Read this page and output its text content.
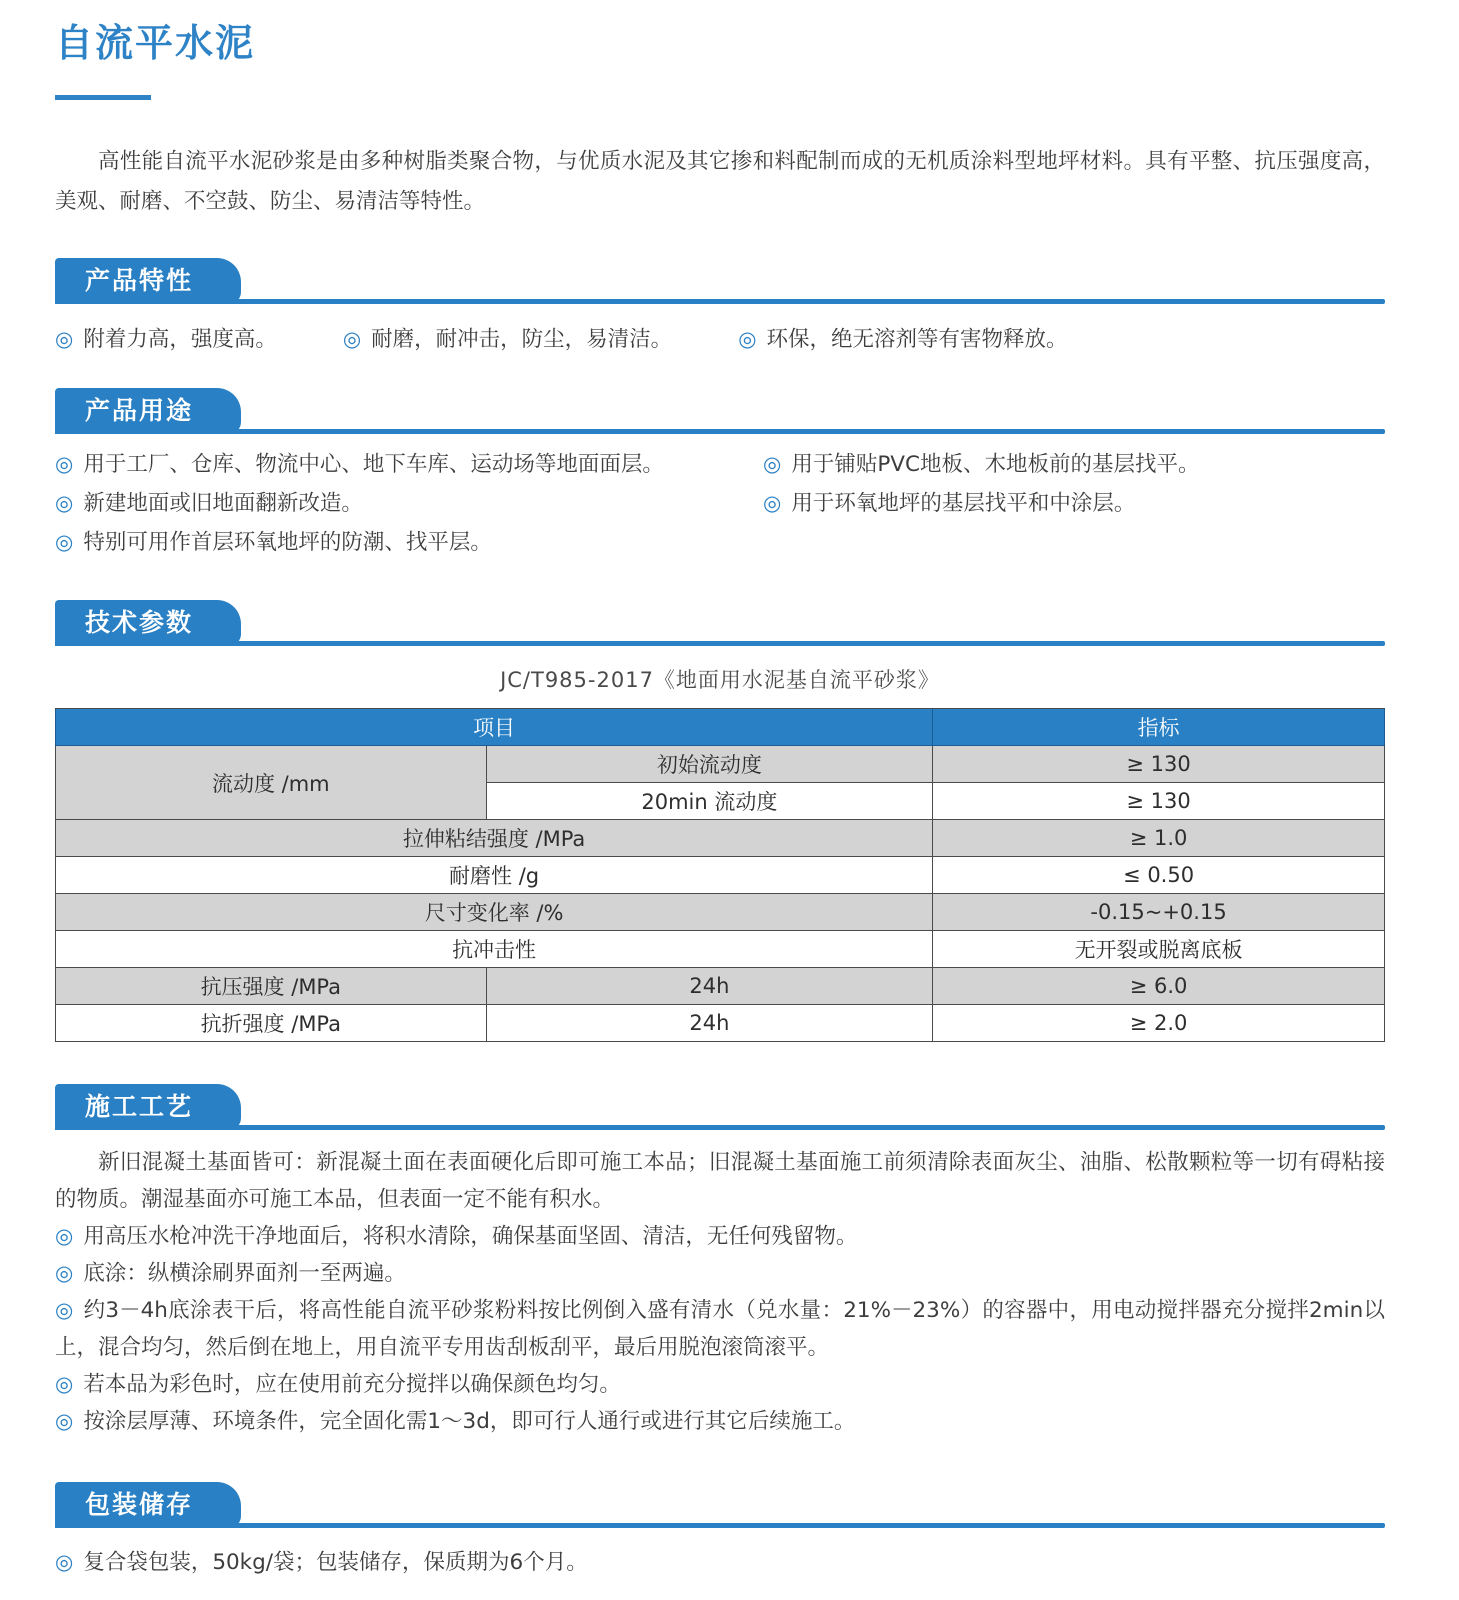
自流平水泥

高性能自流平水泥砂浆是由多种树脂类聚合物，与优质水泥及其它掺和料配制而成的无机质涂料型地坪材料。具有平整、抗压强度高，美观、耐磨、不空鼓、防尘、易清洁等特性。

产品特性
◎ 附着力高，强度高。	◎ 耐磨，耐冲击，防尘，易清洁。	◎ 环保，绝无溶剂等有害物释放。
产品用途
◎ 用于工厂、仓库、物流中心、地下车库、运动场等地面面层。	◎ 用于铺贴PVC地板、木地板前的基层找平。
◎ 新建地面或旧地面翻新改造。	◎ 用于环氧地坪的基层找平和中涂层。
◎ 特别可用作首层环氧地坪的防潮、找平层。
技术参数
JC/T985-2017《地面用水泥基自流平砂浆》
项目		指标
流动度 /mm	初始流动度	≥ 130
	20min 流动度	≥ 130
拉伸粘结强度 /MPa		≥ 1.0
耐磨性 /g		≤ 0.50
尺寸变化率 /%		-0.15~+0.15
抗冲击性		无开裂或脱离底板
抗压强度 /MPa	24h	≥ 6.0
抗折强度 /MPa	24h	≥ 2.0
施工工艺

新旧混凝土基面皆可：新混凝土面在表面硬化后即可施工本品；旧混凝土基面施工前须清除表面灰尘、油脂、松散颗粒等一切有碍粘接的物质。潮湿基面亦可施工本品，但表面一定不能有积水。

◎ 用高压水枪冲洗干净地面后，将积水清除，确保基面坚固、清洁，无任何残留物。
◎ 底涂：纵横涂刷界面剂一至两遍。
◎ 约3－4h底涂表干后，将高性能自流平砂浆粉料按比例倒入盛有清水（兑水量：21%－23%）的容器中，用电动搅拌器充分搅拌2min以上，混合均匀，然后倒在地上，用自流平专用齿刮板刮平，最后用脱泡滚筒滚平。
◎ 若本品为彩色时，应在使用前充分搅拌以确保颜色均匀。
◎ 按涂层厚薄、环境条件，完全固化需1～3d，即可行人通行或进行其它后续施工。
包装储存
◎ 复合袋包装，50kg/袋；包装储存，保质期为6个月。
